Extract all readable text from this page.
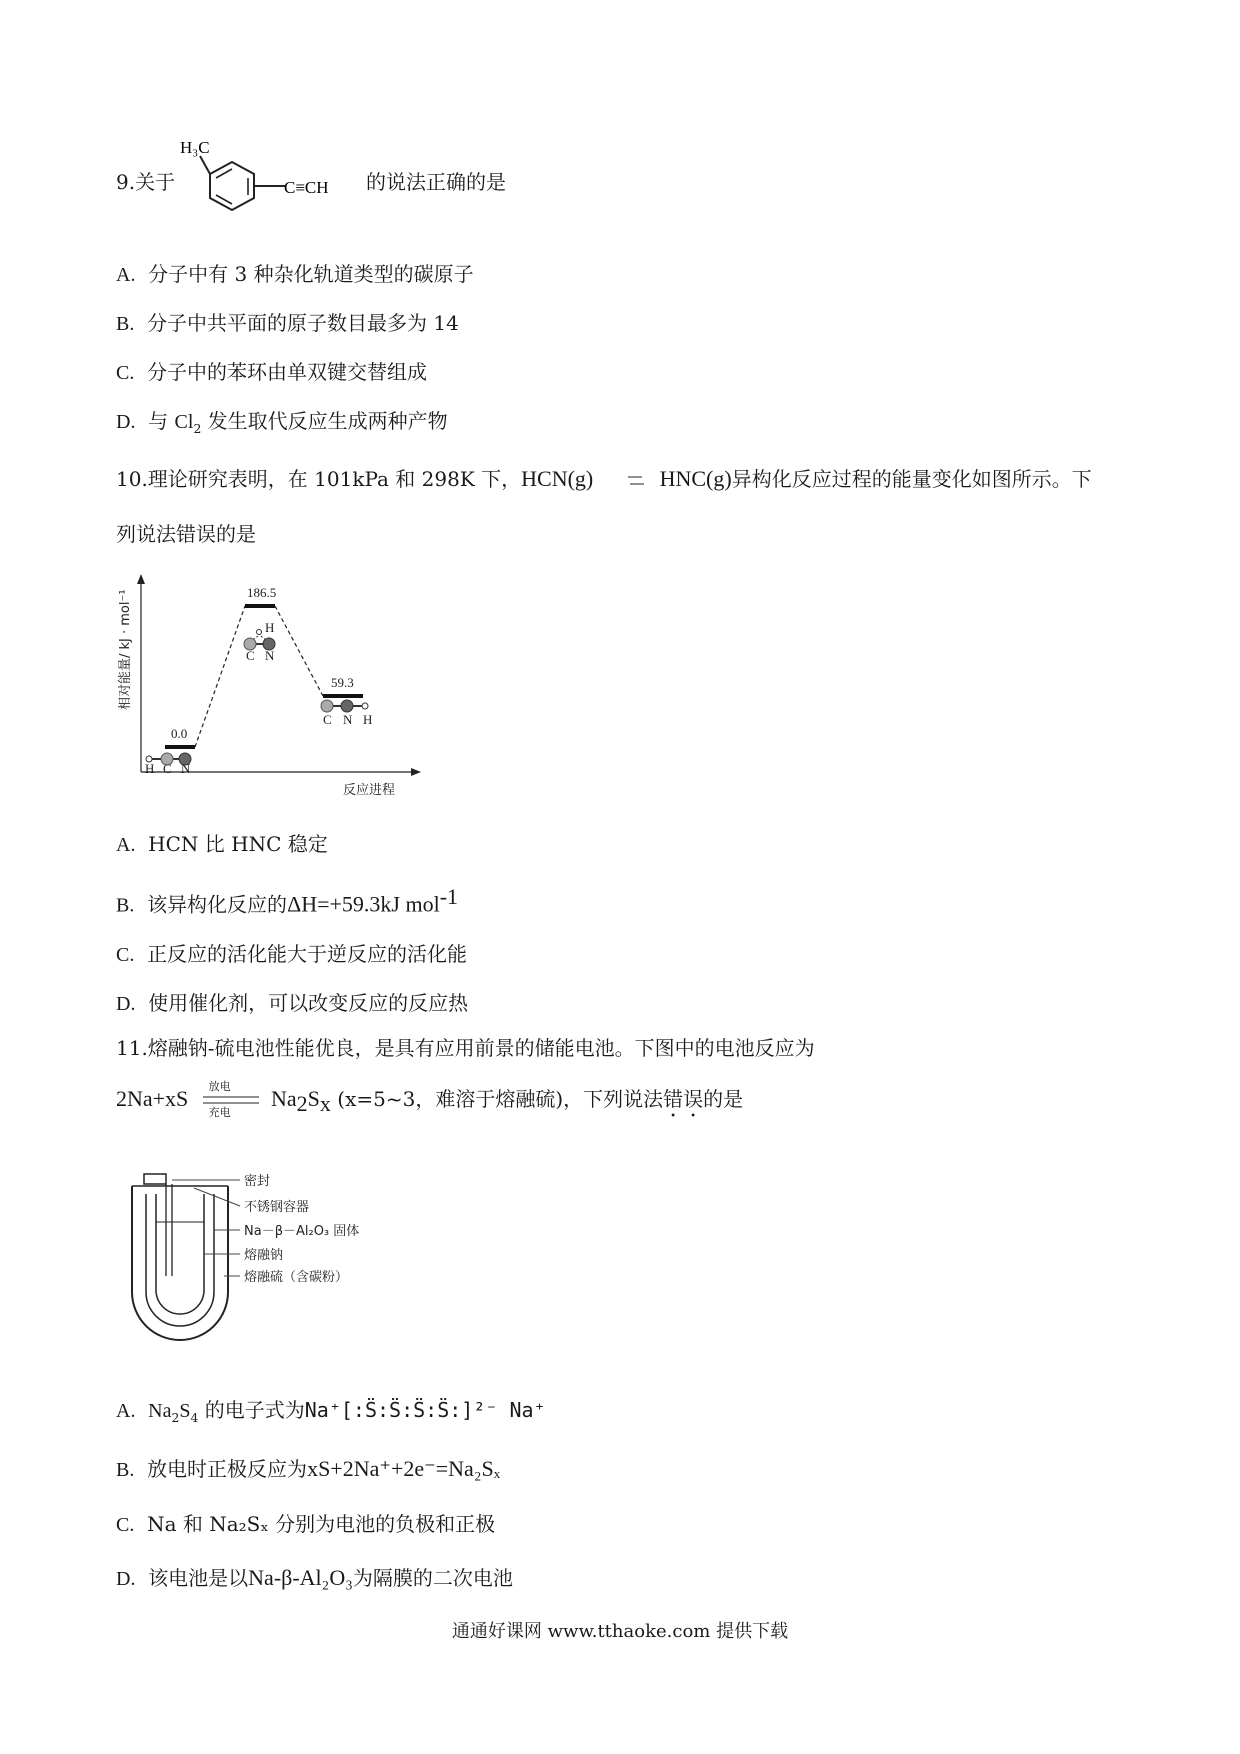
9.关于
H₃C
C≡CH 的说法正确的是
A. 分子中有 3 种杂化轨道类型的碳原子
B. 分子中共平面的原子数目最多为 14
C. 分子中的苯环由单双键交替组成
D. 与 $Cl_2$ 发生取代反应生成两种产物
10.理论研究表明，在 101kPa 和 298K 下，HCN(g)	HNC(g)异构化反应过程的能量变化如图所示。下
列说法错误的是
相对能量/ kJ · mol⁻¹
反应进程
0.0
186.5
59.3
H C N
H
C N
C N H
A. HCN 比 HNC 稳定
B. 该异构化反应的ΔH=+59.3kJ mol$^{-1}$
C. 正反应的活化能大于逆反应的活化能
D. 使用催化剂，可以改变反应的反应热
11.熔融钠-硫电池性能优良，是具有应用前景的储能电池。下图中的电池反应为
2Na+xS 放电
充电
$Na_2S_x$ (x=5~3，难溶于熔融硫)，下列说法错误的是
密封
不锈钢容器
Na－β－Al₂O₃ 固体
熔融钠
熔融硫（含碳粉）
A. $Na_2S_4$ 的电子式为Na⁺[:S̈:S̈:S̈:S̈:]²⁻ Na⁺
B. 放电时正极反应为xS+2Na⁺+2e⁻=Na₂Sₓ
C. Na 和 Na₂Sₓ 分别为电池的负极和正极
D. 该电池是以Na-β-Al₂O₃为隔膜的二次电池
通通好课网 www.tthaoke.com 提供下载
